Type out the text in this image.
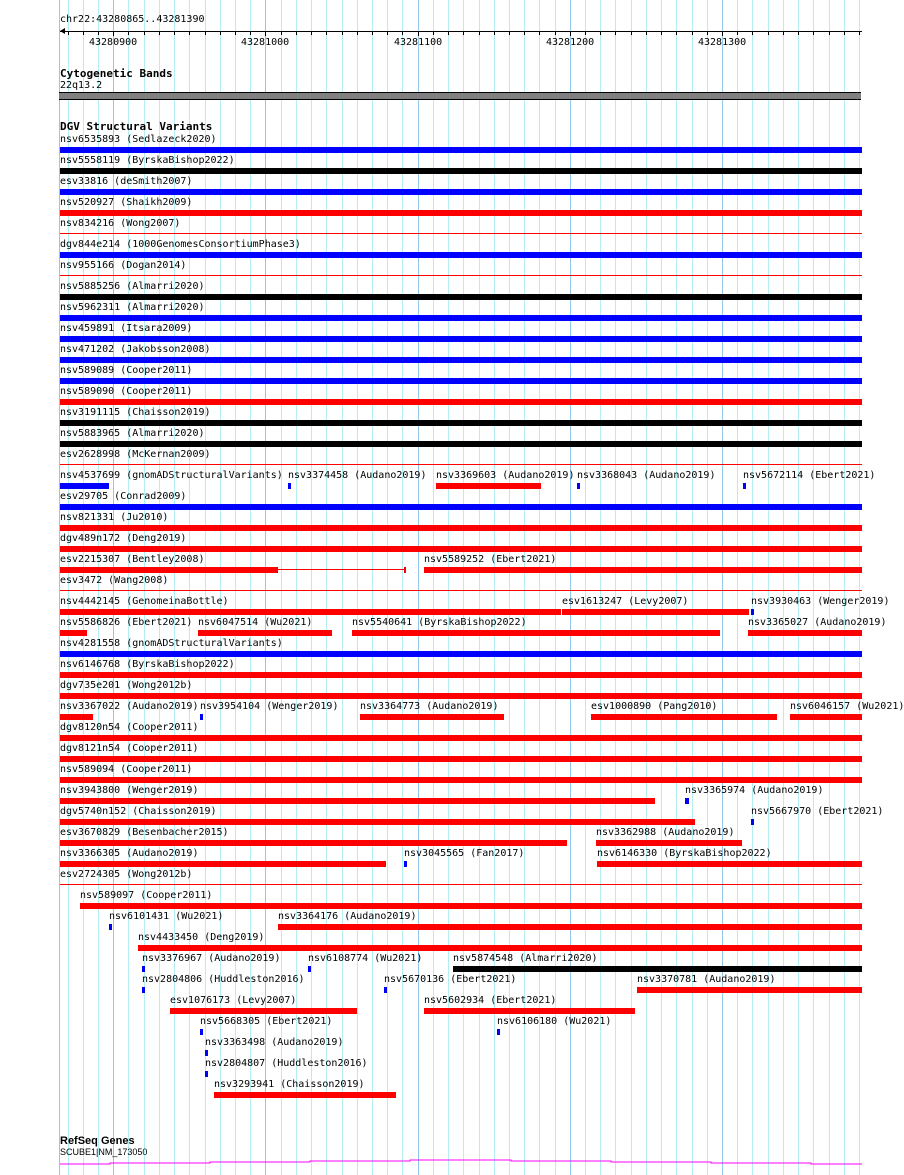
chr22:43280865..43281390
43280900	43281000	43281100	43281200	43281300
Cytogenetic Bands
22q13.2
DGV Structural Variants
nsv6535893 (Sedlazeck2020)
nsv5558119 (ByrskaBishop2022)
esv33816 (deSmith2007)
nsv520927 (Shaikh2009)
nsv834216 (Wong2007)
dgv844e214 (1000GenomesConsortiumPhase3)
nsv955166 (Dogan2014)
nsv5885256 (Almarri2020)
nsv5962311 (Almarri2020)
nsv459891 (Itsara2009)
nsv471202 (Jakobsson2008)
nsv589089 (Cooper2011)
nsv589090 (Cooper2011)
nsv3191115 (Chaisson2019)
nsv5883965 (Almarri2020)
esv2628998 (McKernan2009)
nsv4537699 (gnomADStructuralVariants) nsv3374458 (Audano2019) nsv3369603 (Audano2019) nsv3368043 (Audano2019)	nsv5672114 (Ebert2021)
esv29705 (Conrad2009)
nsv821331 (Ju2010)
dgv489n172 (Deng2019)
esv2215307 (Bentley2008)	nsv5589252 (Ebert2021)
esv3472 (Wang2008)
nsv4442145 (GenomeinaBottle)	esv1613247 (Levy2007)	nsv3930463 (Wenger2019)
nsv5586826 (Ebert2021) nsv6047514 (Wu2021)	nsv5540641 (ByrskaBishop2022)	nsv3365027 (Audano2019)
nsv4281558 (gnomADStructuralVariants)
nsv6146768 (ByrskaBishop2022)
dgv735e201 (Wong2012b)
nsv3367022 (Audano2019) nsv3954104 (Wenger2019) nsv3364773 (Audano2019)	esv1000890 (Pang2010)	nsv6046157 (Wu2021)
dgv8120n54 (Cooper2011)
dgv8121n54 (Cooper2011)
nsv589094 (Cooper2011)
nsv3943800 (Wenger2019)	nsv3365974 (Audano2019)
dgv5740n152 (Chaisson2019)	nsv5667970 (Ebert2021)
esv3670829 (Besenbacher2015)	nsv3362988 (Audano2019)
nsv3366305 (Audano2019)	nsv3045565 (Fan2017)	nsv6146330 (ByrskaBishop2022)
esv2724305 (Wong2012b)
nsv589097 (Cooper2011)
nsv6101431 (Wu2021)	nsv3364176 (Audano2019)
nsv4433450 (Deng2019)
nsv3376967 (Audano2019)	nsv6108774 (Wu2021)	nsv5874548 (Almarri2020)
nsv2804806 (Huddleston2016)	nsv5670136 (Ebert2021)	nsv3370781 (Audano2019)
esv1076173 (Levy2007)	nsv5602934 (Ebert2021)
nsv5668305 (Ebert2021)	nsv6106180 (Wu2021)
nsv3363498 (Audano2019)
nsv2804807 (Huddleston2016)
nsv3293941 (Chaisson2019)
RefSeq Genes
SCUBE1|NM_173050
